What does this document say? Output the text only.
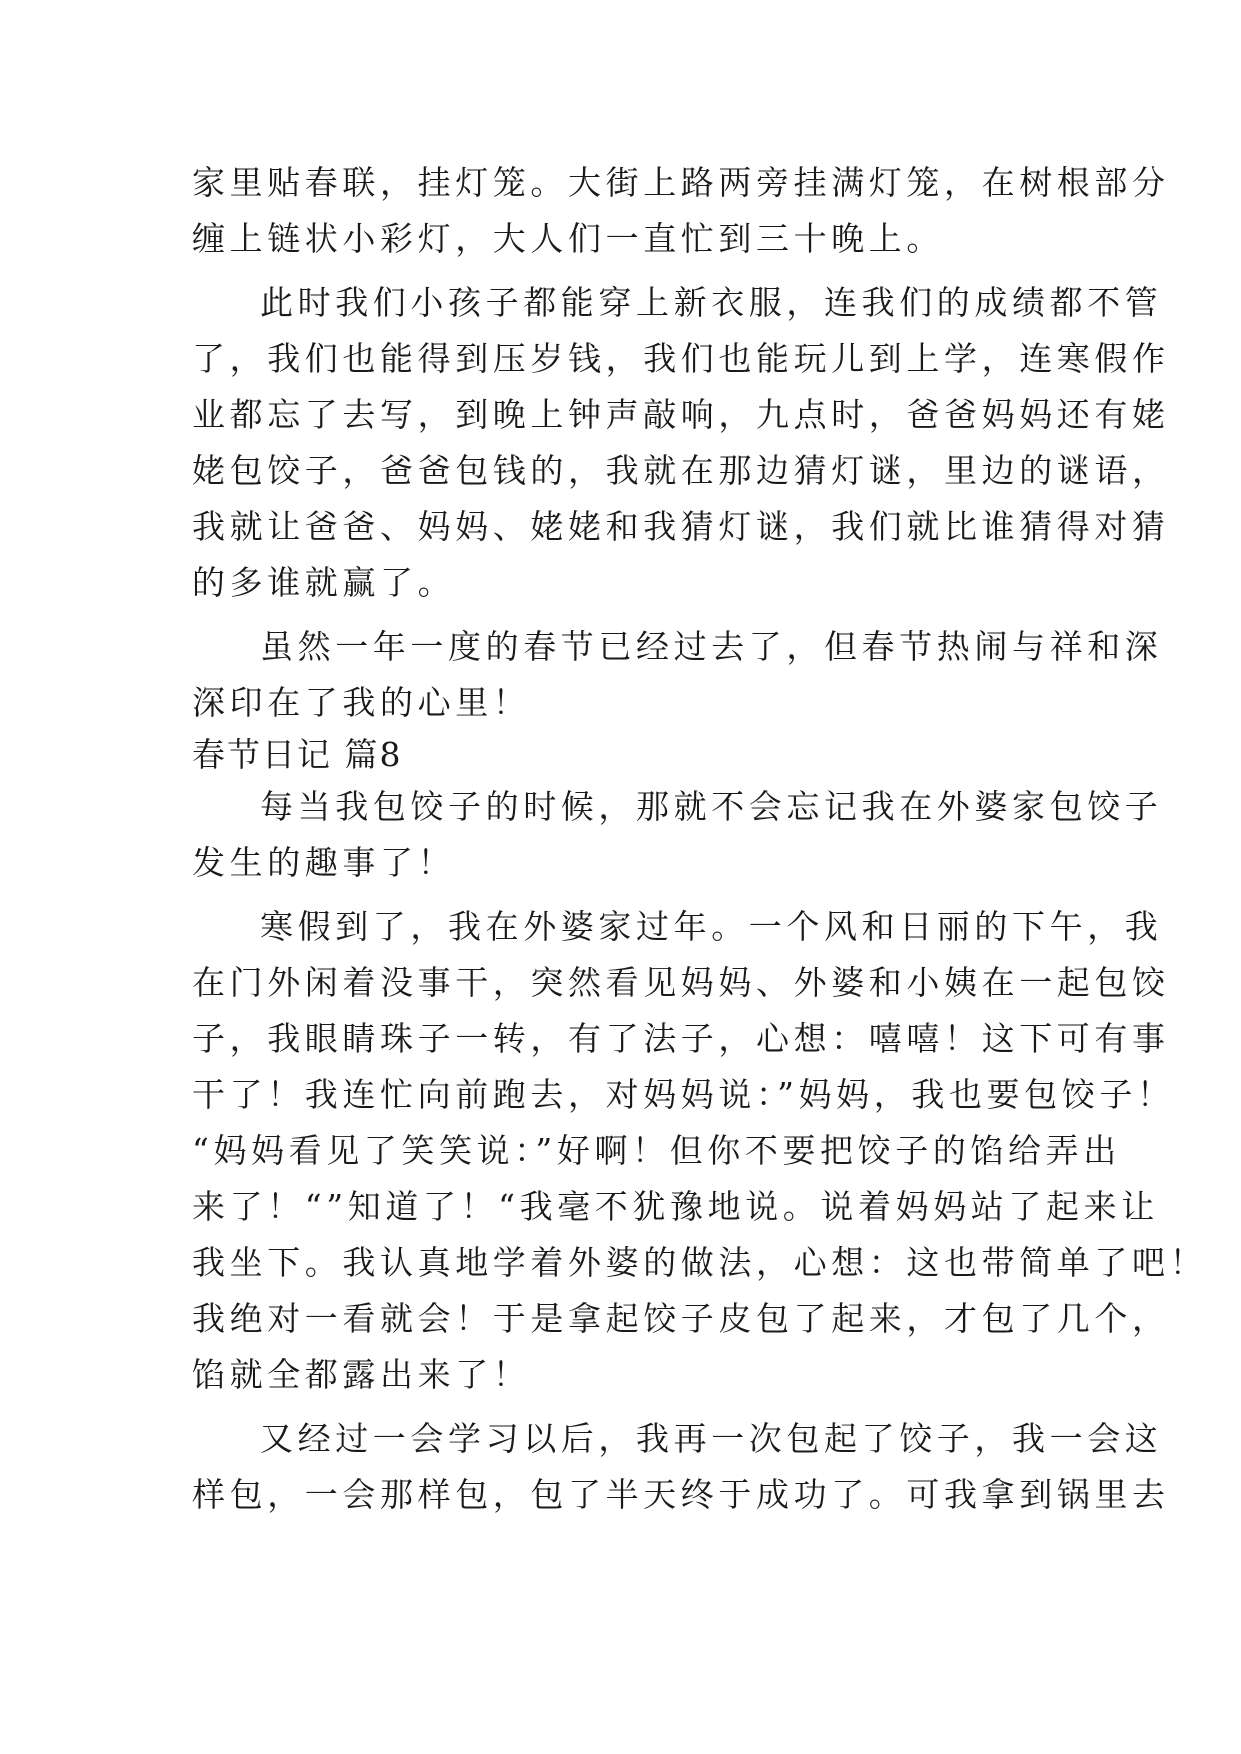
家里贴春联，挂灯笼。大街上路两旁挂满灯笼，在树根部分
缠上链状小彩灯，大人们一直忙到三十晚上。
此时我们小孩子都能穿上新衣服，连我们的成绩都不管
了，我们也能得到压岁钱，我们也能玩儿到上学，连寒假作
业都忘了去写，到晚上钟声敲响，九点时，爸爸妈妈还有姥
姥包饺子，爸爸包钱的，我就在那边猜灯谜，里边的谜语，
我就让爸爸、妈妈、姥姥和我猜灯谜，我们就比谁猜得对猜
的多谁就赢了。
虽然一年一度的春节已经过去了，但春节热闹与祥和深
深印在了我的心里！
春节日记 篇8
每当我包饺子的时候，那就不会忘记我在外婆家包饺子
发生的趣事了！
寒假到了，我在外婆家过年。一个风和日丽的下午，我
在门外闲着没事干，突然看见妈妈、外婆和小姨在一起包饺
子，我眼睛珠子一转，有了法子，心想：嘻嘻！这下可有事
干了！我连忙向前跑去，对妈妈说：”妈妈，我也要包饺子！
“妈妈看见了笑笑说：”好啊！但你不要把饺子的馅给弄出
来了！“”知道了！“我毫不犹豫地说。说着妈妈站了起来让
我坐下。我认真地学着外婆的做法，心想：这也带简单了吧！
我绝对一看就会！于是拿起饺子皮包了起来，才包了几个，
馅就全都露出来了！
又经过一会学习以后，我再一次包起了饺子，我一会这
样包，一会那样包，包了半天终于成功了。可我拿到锅里去
